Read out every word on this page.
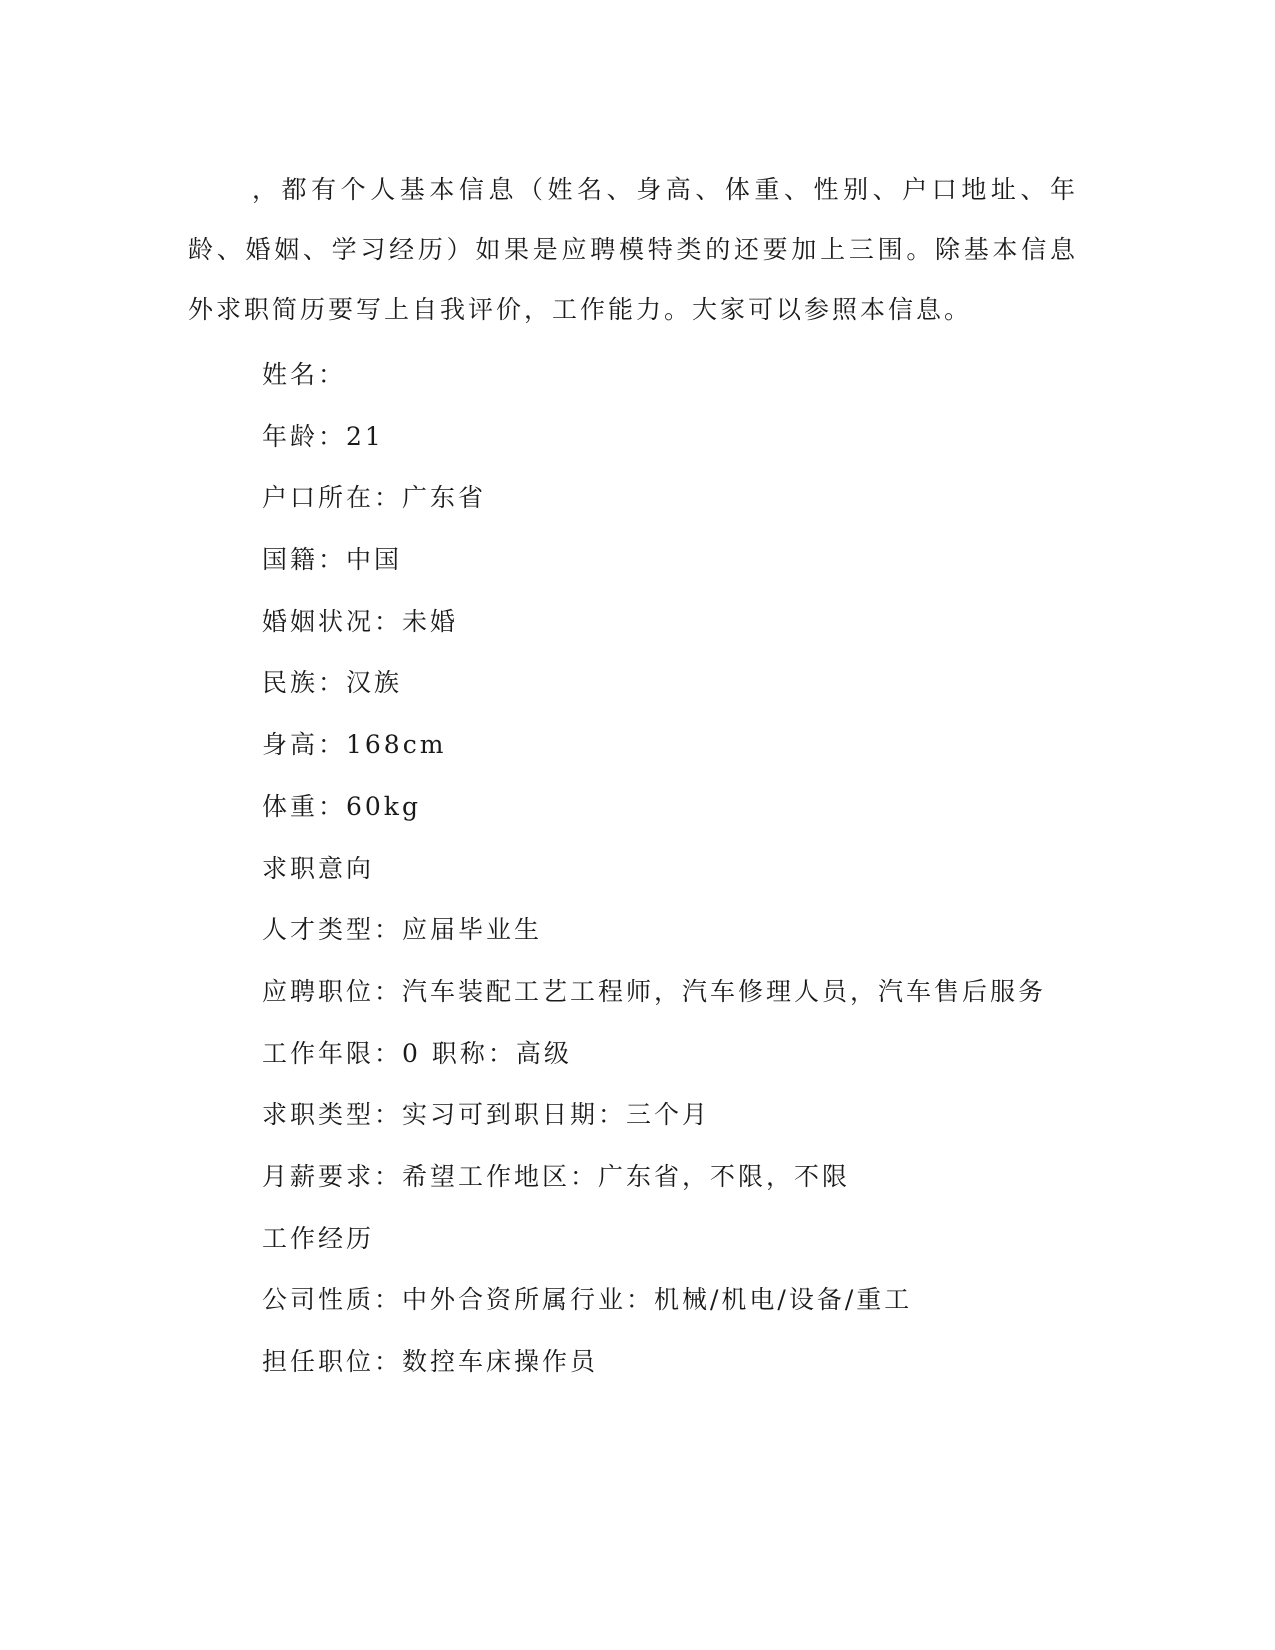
，都有个人基本信息（姓名、身高、体重、性别、户口地址、年龄、婚姻、学习经历）如果是应聘模特类的还要加上三围。除基本信息外求职简历要写上自我评价，工作能力。大家可以参照本信息。

姓名：
年龄：21
户口所在：广东省
国籍：中国
婚姻状况：未婚
民族：汉族
身高：168cm
体重：60kg
求职意向
人才类型：应届毕业生
应聘职位：汽车装配工艺工程师，汽车修理人员，汽车售后服务
工作年限：0 职称：高级
求职类型：实习可到职日期：三个月
月薪要求：希望工作地区：广东省，不限，不限
工作经历
公司性质：中外合资所属行业：机械/机电/设备/重工
担任职位：数控车床操作员
